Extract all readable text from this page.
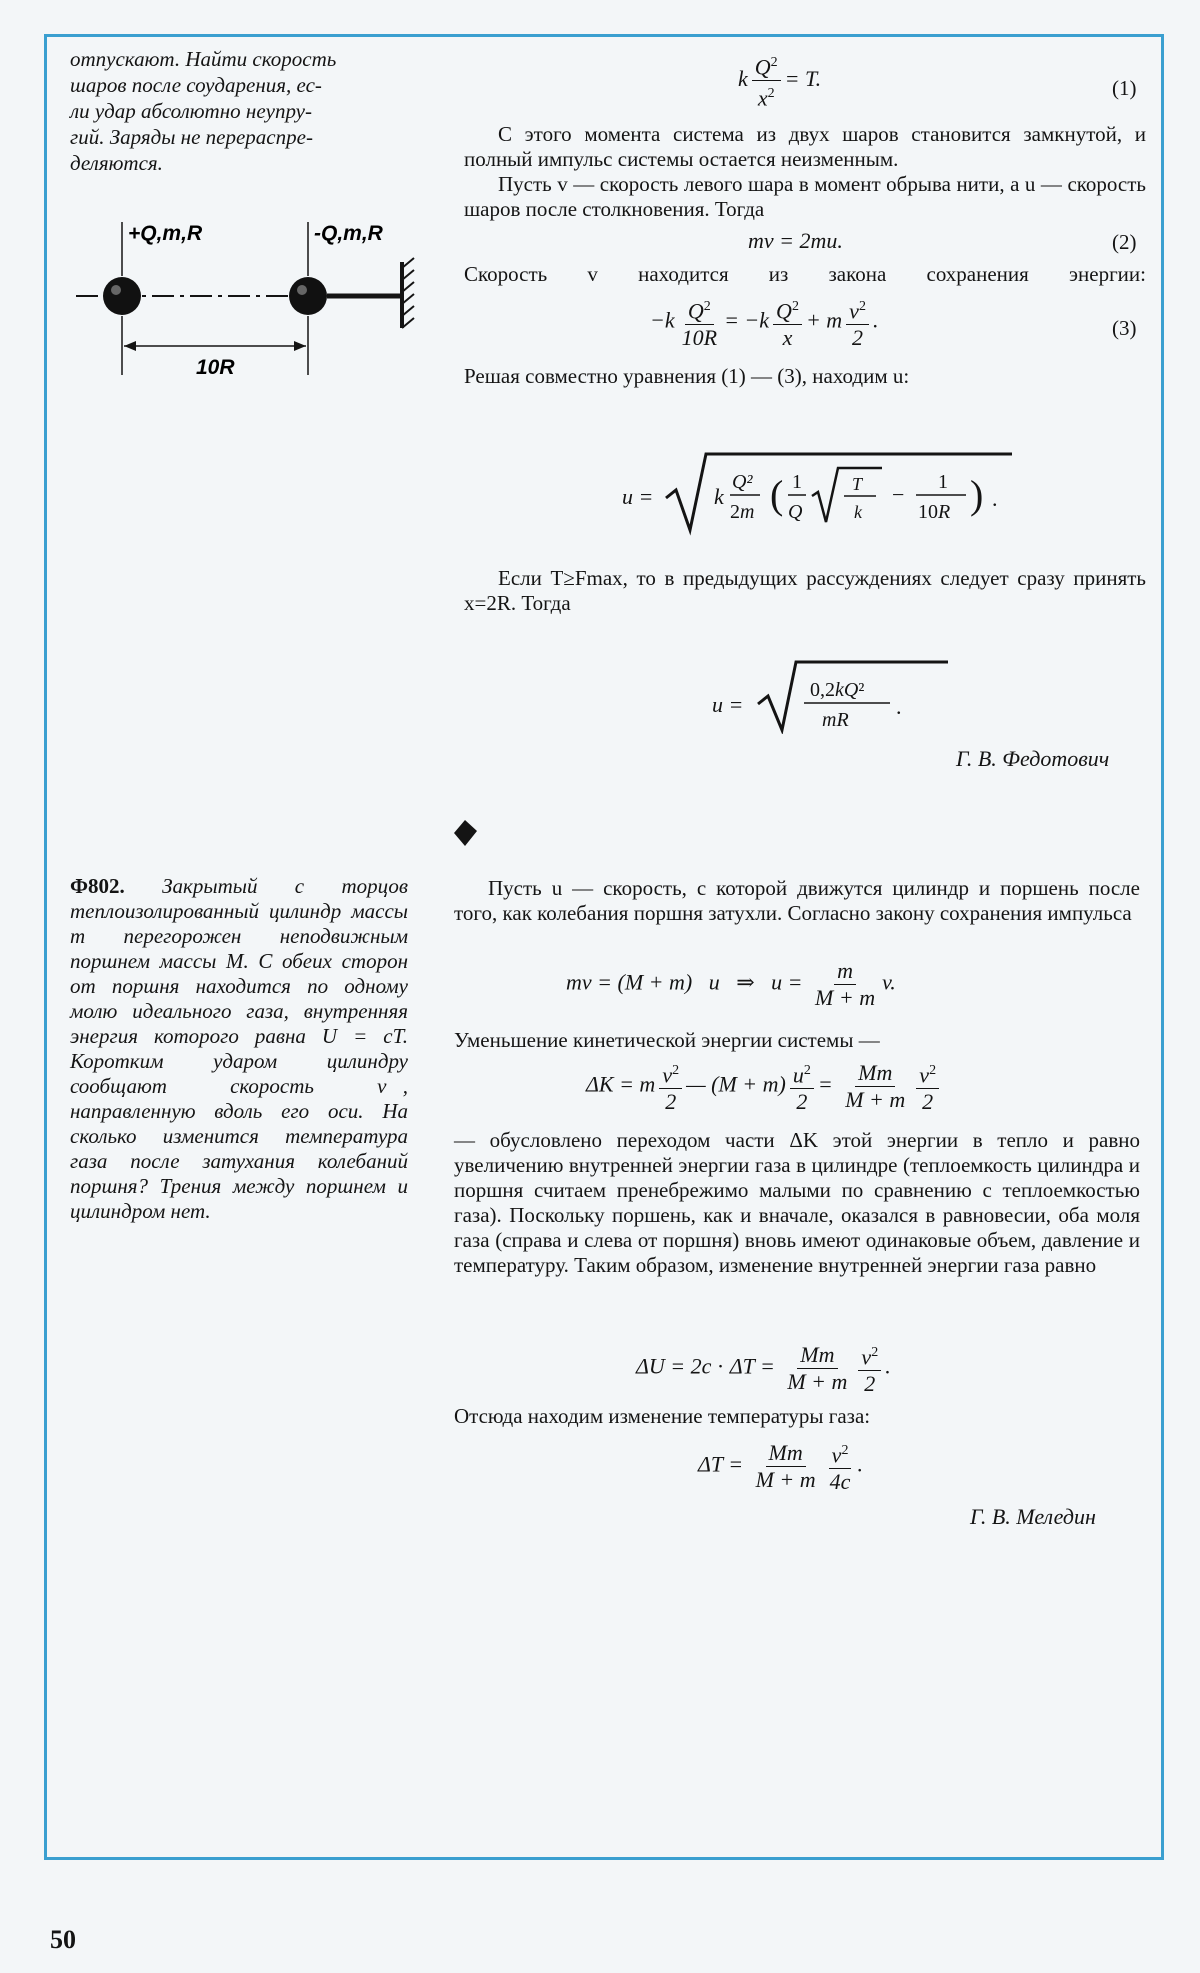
отпускают. Найти скорость
шаров после соударения, ес-
ли удар абсолютно неупру-
гий. Заряды не перераспре-
деляются.
+Q,m,R	-Q,m,R
10R
k $\frac{Q^2}{x^2} = T$.	(1)
С этого момента система из двух шаров становится замкнутой, и полный импульс системы остается неизменным.
Пусть v — скорость левого шара в момент обрыва нити, а u — скорость шаров после столкновения. Тогда
mv = 2mu.	(2)
Скорость v находится из закона сохранения энергии:
$-k \frac{Q^2}{10R} = -k \frac{Q^2}{x} + m \frac{v^2}{2}$ .	(3)
Решая совместно уравнения (1) — (3), находим u:
u =	k
Q²
2m ( 1
Q
T
k
− 1
10R ) .
Если T≥Fmax, то в предыдущих рассуждениях следует сразу принять x=2R. Тогда
u =
0,2kQ²
mR
.
Г. В. Федотович
Ф802. Закрытый с торцов теплоизолированный цилиндр массы m перегорожен неподвижным поршнем массы M. С обеих сторон от поршня находится по одному молю идеального газа, внутренняя энергия которого равна U = cT. Коротким ударом цилиндру сообщают скорость v⃗, направленную вдоль его оси. На сколько изменится температура газа после затухания колебаний поршня? Трения между поршнем и цилиндром нет.
Пусть u — скорость, с которой движутся цилиндр и поршень после того, как колебания поршня затухли. Согласно закону сохранения импульса
mv = (M + m)   u   ⇒   $u = \frac{m}{M + m} v$.
Уменьшение кинетической энергии системы —
ΔK = m $\frac{v^2}{2}$ — $(M + m) \frac{u^2}{2} = \frac{Mm}{M + m} \frac{v^2}{2}$
— обусловлено переходом части ΔK этой энергии в тепло и равно увеличению внутренней энергии газа в цилиндре (теплоемкость цилиндра и поршня считаем пренебрежимо малыми по сравнению с теплоемкостью газа). Поскольку поршень, как и вначале, оказался в равновесии, оба моля газа (справа и слева от поршня) вновь имеют одинаковые объем, давление и температуру. Таким образом, изменение внутренней энергии газа равно
$\Delta U = 2c \cdot \Delta T = \frac{Mm}{M + m} \frac{v^2}{2}$ .
Отсюда находим изменение температуры газа:
$\Delta T = \frac{Mm}{M + m} \frac{v^2}{4c}$ .
Г. В. Меледин
50
